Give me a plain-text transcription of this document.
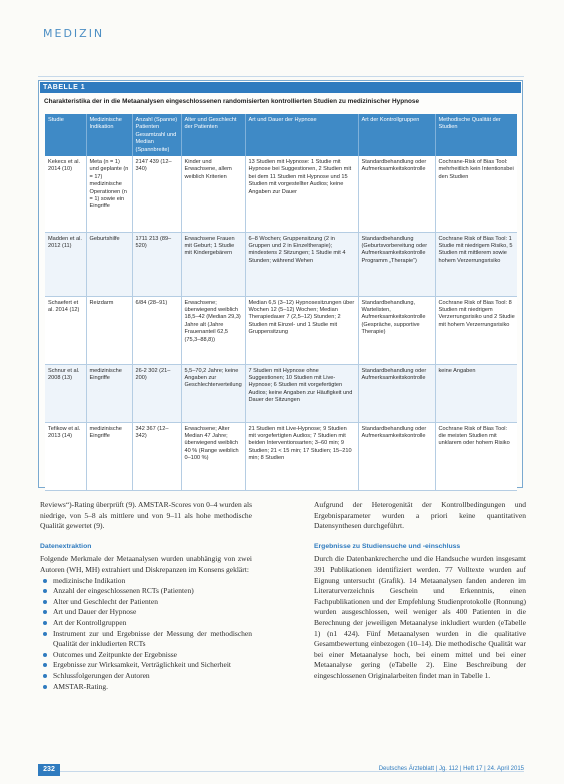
MEDIZIN
TABELLE 1
Charakteristika der in die Metaanalysen eingeschlossenen randomisierten kontrollierten Studien zu medizinischer Hypnose
Studie	Medizinische Indikation	Anzahl (Spanne) Patienten Gesamtzahl und Median (Spannbreite)	Alter und Geschlecht der Patienten	Art und Dauer der Hypnose	Art der Kontrollgruppen	Methodische Qualität der Studien
Kekecs et al. 2014 (10)	Meta (n = 1) und geplante (n = 17) medizinische Operationen (n = 1) sowie ein Eingriffe	2147 439 (12–340)	Kinder und Erwachsene, allem weiblich Kriterien	13 Studien mit Hypnose: 1 Studie mit Hypnose bei Suggestionen, 2 Studien mit bei dem 11 Studien mit Hypnose und 15 Studien mit vorgestellter Audios; keine Angaben zur Dauer	Standardbehandlung oder Aufmerksamkeitskontrolle	Cochrane-Risk of Bias Tool: mehrheitlich kein Intentionsbei den Studien
Madden et al. 2012 (11)	Geburtshilfe	1711 213 (89–520)	Erwachsene Frauen mit Geburt; 1 Studie mit Kindergebärern	6–8 Wochen; Gruppensitzung (2 in Gruppen und 2 in Einzeltherapie); mindestens 2 Sitzungen; 1 Studie mit 4 Stunden; während Wehen	Standardbehandlung (Geburtsvorbereitung oder Aufmerksamkeitskontrolle Programm „Therapie“)	Cochrane Risk of Bias Tool: 1 Studie mit niedrigem Risiko, 5 Studien mit mittlerem sowie hohem Verzerrungsrisiko
Schaefert et al. 2014 (12)	Reizdarm	6/84 (28–91)	Erwachsene; überwiegend weiblich 18,5–42 (Median 29,3) Jahre alt (Jahre Frauenanteil 62,5 (75,3–88,8))	Median 6,5 (3–12) Hypnosesitzungen über Wochen 12 (5–12) Wochen; Median Therapiedauer 7 (2,5–12) Stunden; 2 Studien mit Einzel- und 1 Studie mit Gruppensitzung	Standardbehandlung, Wartelisten, Aufmerksamkeitskontrolle (Gespräche, supportive Therapie)	Cochrane Risk of Bias Tool: 8 Studien mit niedrigem Verzerrungsrisiko und 2 Studie mit hohem Verzerrungsrisiko
Schnur et al. 2008 (13)	medizinische Eingriffe	26-2 302 (21–200)	5,5–70,2 Jahre; keine Angaben zur Geschlechterverteilung	7 Studien mit Hypnose ohne Suggestionen; 10 Studien mit Live-Hypnose; 6 Studien mit vorgefertigten Audios; keine Angaben zur Häufigkeit und Dauer der Sitzungen	Standardbehandlung oder Aufmerksamkeitskontrolle	keine Angaben
Tefikow et al. 2013 (14)	medizinische Eingriffe	342 367 (12–342)	Erwachsene; Alter Median 47 Jahre; überwiegend weiblich 40 % (Range weiblich 0–100 %)	21 Studien mit Live-Hypnose; 9 Studien mit vorgefertigten Audios; 7 Studien mit beiden Interventionsarten; 3–60 min; 9 Studien; 21 < 15 min; 17 Studien; 15–210 min; 8 Studien	Standardbehandlung oder Aufmerksamkeitskontrolle	Cochrane Risk of Bias Tool: die meisten Studien mit unklarem oder hohem Risiko
Reviews“)-Rating überprüft (9). AMSTAR-Scores von 0–4 wurden als niedrige, von 5–8 als mittlere und von 9–11 als hohe methodische Qualität gewertet (9).
Datenextraktion
Folgende Merkmale der Metaanalysen wurden unabhängig von zwei Autoren (WH, MH) extrahiert und Diskrepanzen im Konsens geklärt:
medizinische Indikation
Anzahl der eingeschlossenen RCTs (Patienten)
Alter und Geschlecht der Patienten
Art und Dauer der Hypnose
Art der Kontrollgruppen
Instrument zur und Ergebnisse der Messung der methodischen Qualität der inkludierten RCTs
Outcomes und Zeitpunkte der Ergebnisse
Ergebnisse zur Wirksamkeit, Verträglichkeit und Sicherheit
Schlussfolgerungen der Autoren
AMSTAR-Rating.
Aufgrund der Heterogenität der Kontrollbedingungen und Ergebnisparameter wurden a priori keine quantitativen Datensynthesen durchgeführt.
Ergebnisse zu Studiensuche und -einschluss
Durch die Datenbankrecherche und die Handsuche wurden insgesamt 391 Publikationen identifiziert werden. 77 Volltexte wurden auf Eignung untersucht (Grafik). 14 Metaanalysen fanden anderen im Literaturverzeichnis Geschein und Erkenntnis, einen Fachpublikationen und der Empfehlung Studienprotokolle (Ronnung) wurden ausgeschlossen, weil weniger als 400 Patienten in die Berechnung der jeweiligen Metaanalyse inkludiert wurden (eTabelle 1) (n1 424). Fünf Metaanalysen wurden in die qualitative Gesamtbewertung einbezogen (10–14). Die methodische Qualität war bei einer Metaanalyse hoch, bei einem mittel und bei einer Metaanalyse gering (eTabelle 2). Eine Beschreibung der eingeschlossenen Originalarbeiten findet man in Tabelle 1.
232	Deutsches Ärzteblatt | Jg. 112 | Heft 17 | 24. April 2015
